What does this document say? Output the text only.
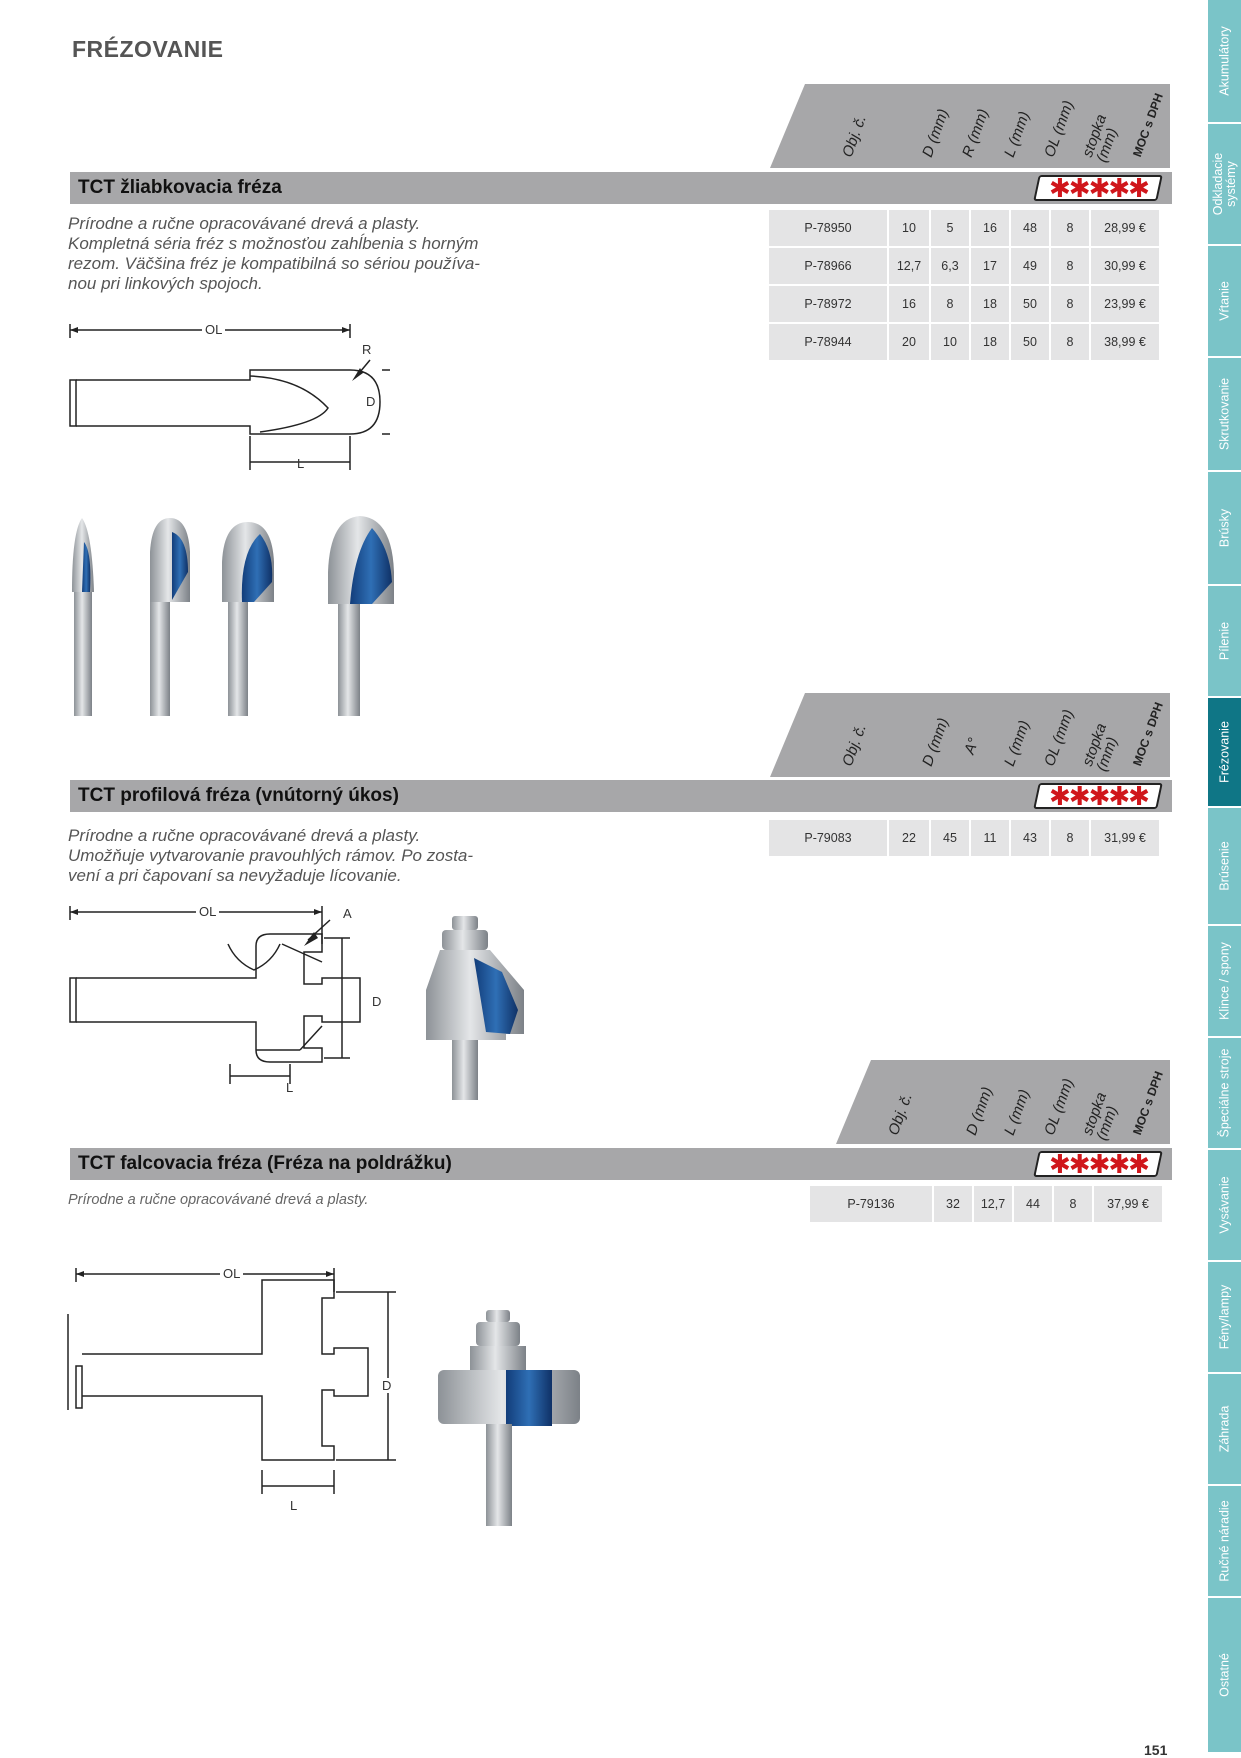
FRÉZOVANIE
Obj. č.	D (mm) R (mm) L (mm) OL (mm) stopka (mm) MOC s DPH
TCT žliabkovacia fréza	✱✱✱✱✱
Prírodne a ručne opracovávané drevá a plasty.
Kompletná séria fréz s možnosťou zahĺbenia s horným
rezom. Väčšina fréz je kompatibilná so sériou používa-
nou pri linkových spojoch.
P-78950	10	5	16	48	8	28,99 €
P-78966	12,7	6,3	17	49	8	30,99 €
P-78972	16	8	18	50	8	23,99 €
P-78944	20	10	18	50	8	38,99 €
OL
R
D
L
Obj. č.	D (mm) A° L (mm) OL (mm) stopka (mm) MOC s DPH
TCT profilová fréza (vnútorný úkos)	✱✱✱✱✱
Prírodne a ručne opracovávané drevá a plasty.
Umožňuje vytvarovanie pravouhlých rámov. Po zosta-
vení a pri čapovaní sa nevyžaduje lícovanie.
P-79083	22	45	11	43	8	31,99 €
OL	A
D
L
Obj. č.	D (mm) L (mm) OL (mm) stopka (mm) MOC s DPH
TCT falcovacia fréza (Fréza na poldrážku)	✱✱✱✱✱
Prírodne a ručne opracovávané drevá a plasty.	P-79136	32	12,7	44	8	37,99 €
OL
D
L
Akumulátory
Odkladacie systémy
Vŕtanie
Skrutkovanie
Brúsky
Pílenie
Frézovanie
Brúsenie
Klince / spony
Špeciálne stroje
Vysávanie
Fény/lampy
Záhrada
Ručné náradie
Ostatné
151
